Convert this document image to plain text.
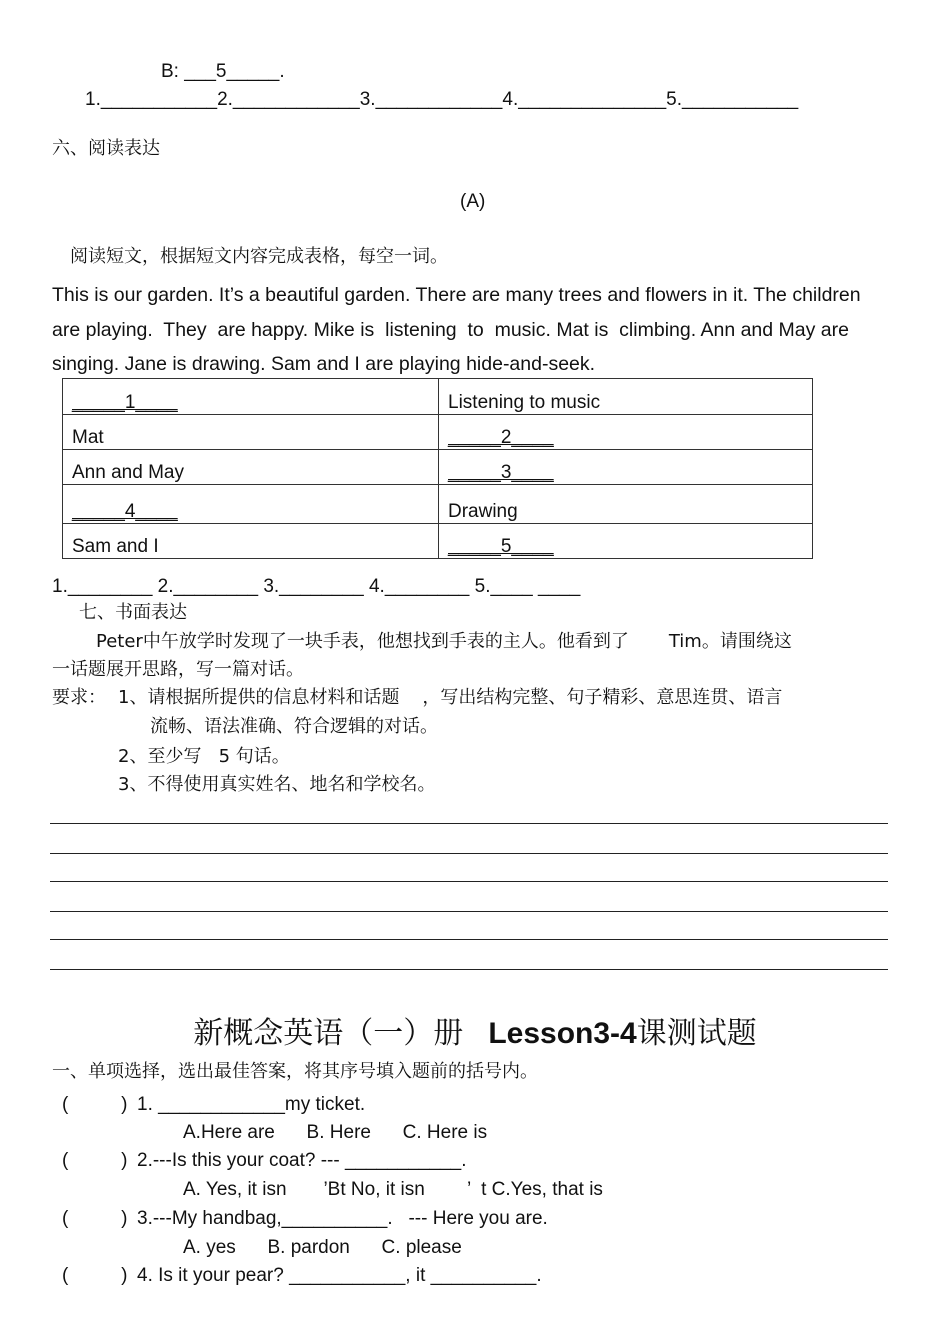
B: ___5_____.
1.___________2.____________3.____________4.______________5.___________
六、阅读表达
(A)
阅读短文，根据短文内容完成表格，每空一词。
This is our garden. It’s a beautiful garden. There are many trees and flowers in it. The children
are playing.  They  are happy. Mike is  listening  to  music. Mat is  climbing. Ann and May are
singing. Jane is drawing. Sam and I are playing hide-and-seek.
_____1____	Listening to music
Mat	_____2____
Ann and May	_____3____
_____4____	Drawing
Sam and I	_____5____
1.________ 2.________ 3.________ 4.________ 5.____ ____
七、书面表达
Peter中午放学时发现了一块手表，他想找到手表的主人。他看到了       Tim。请围绕这
一话题展开思路，写一篇对话。
要求： 1、请根据所提供的信息材料和话题    ，写出结构完整、句子精彩、意思连贯、语言
流畅、语法准确、符合逻辑的对话。
2、至少写   5 句话。
3、不得使用真实姓名、地名和学校名。
新概念英语（一）册 Lesson3-4课测试题
一、单项选择，选出最佳答案，将其序号填入题前的括号内。
(          ) 1. ____________my ticket.
A.Here are      B. Here      C. Here is
(          ) 2.---Is this your coat? --- ___________.
A. Yes, it isn       ’Bt No, it isn        ’  t C.Yes, that is
(          ) 3.---My handbag,__________.   --- Here you are.
A. yes      B. pardon      C. please
(          ) 4. Is it your pear? ___________, it __________.
